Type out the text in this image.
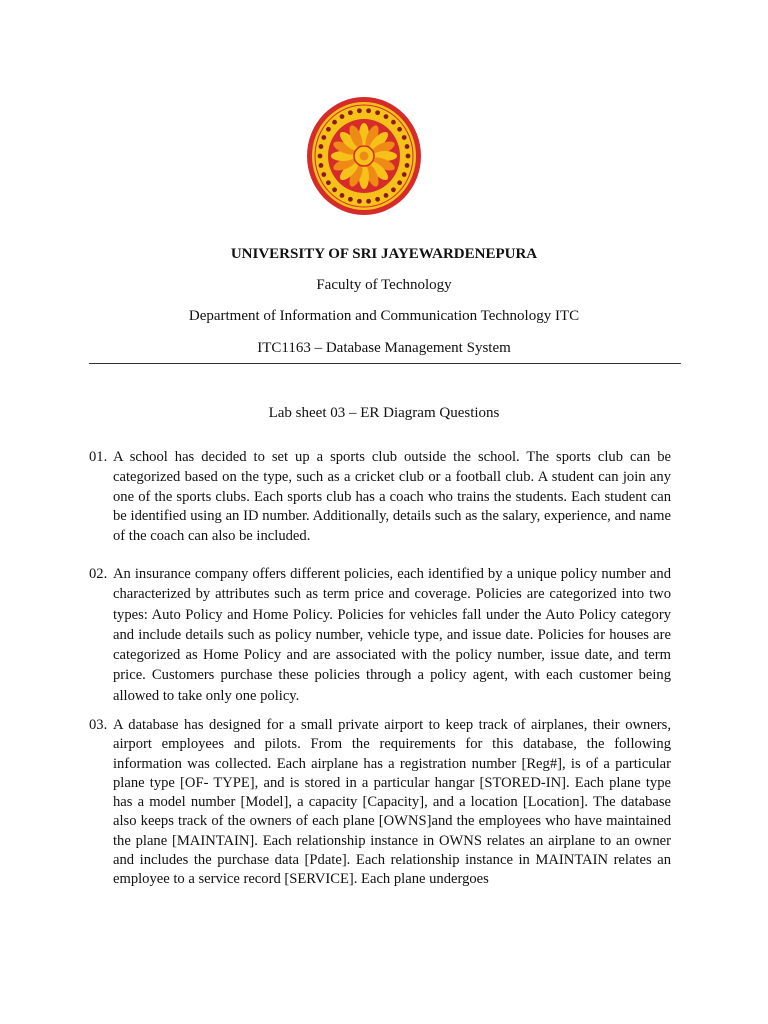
UNIVERSITY OF SRI JAYEWARDENEPURA
Faculty of Technology
Department of Information and Communication Technology ITC
ITC1163 – Database Management System
Lab sheet 03 – ER Diagram Questions
01. A school has decided to set up a sports club outside the school. The sports club can be categorized based on the type, such as a cricket club or a football club. A student can join any one of the sports clubs. Each sports club has a coach who trains the students. Each student can be identified using an ID number. Additionally, details such as the salary, experience, and name of the coach can also be included.
02. An insurance company offers different policies, each identified by a unique policy number and characterized by attributes such as term price and coverage. Policies are categorized into two types: Auto Policy and Home Policy. Policies for vehicles fall under the Auto Policy category and include details such as policy number, vehicle type, and issue date. Policies for houses are categorized as Home Policy and are associated with the policy number, issue date, and term price. Customers purchase these policies through a policy agent, with each customer being allowed to take only one policy.
03. A database has designed for a small private airport to keep track of airplanes, their owners, airport employees and pilots. From the requirements for this database, the following information was collected. Each airplane has a registration number [Reg#], is of a particular plane type [OF- TYPE], and is stored in a particular hangar [STORED-IN]. Each plane type has a model number [Model], a capacity [Capacity], and a location [Location]. The database also keeps track of the owners of each plane [OWNS]and the employees who have maintained the plane [MAINTAIN]. Each relationship instance in OWNS relates an airplane to an owner and includes the purchase data [Pdate]. Each relationship instance in MAINTAIN relates an employee to a service record [SERVICE]. Each plane undergoes
